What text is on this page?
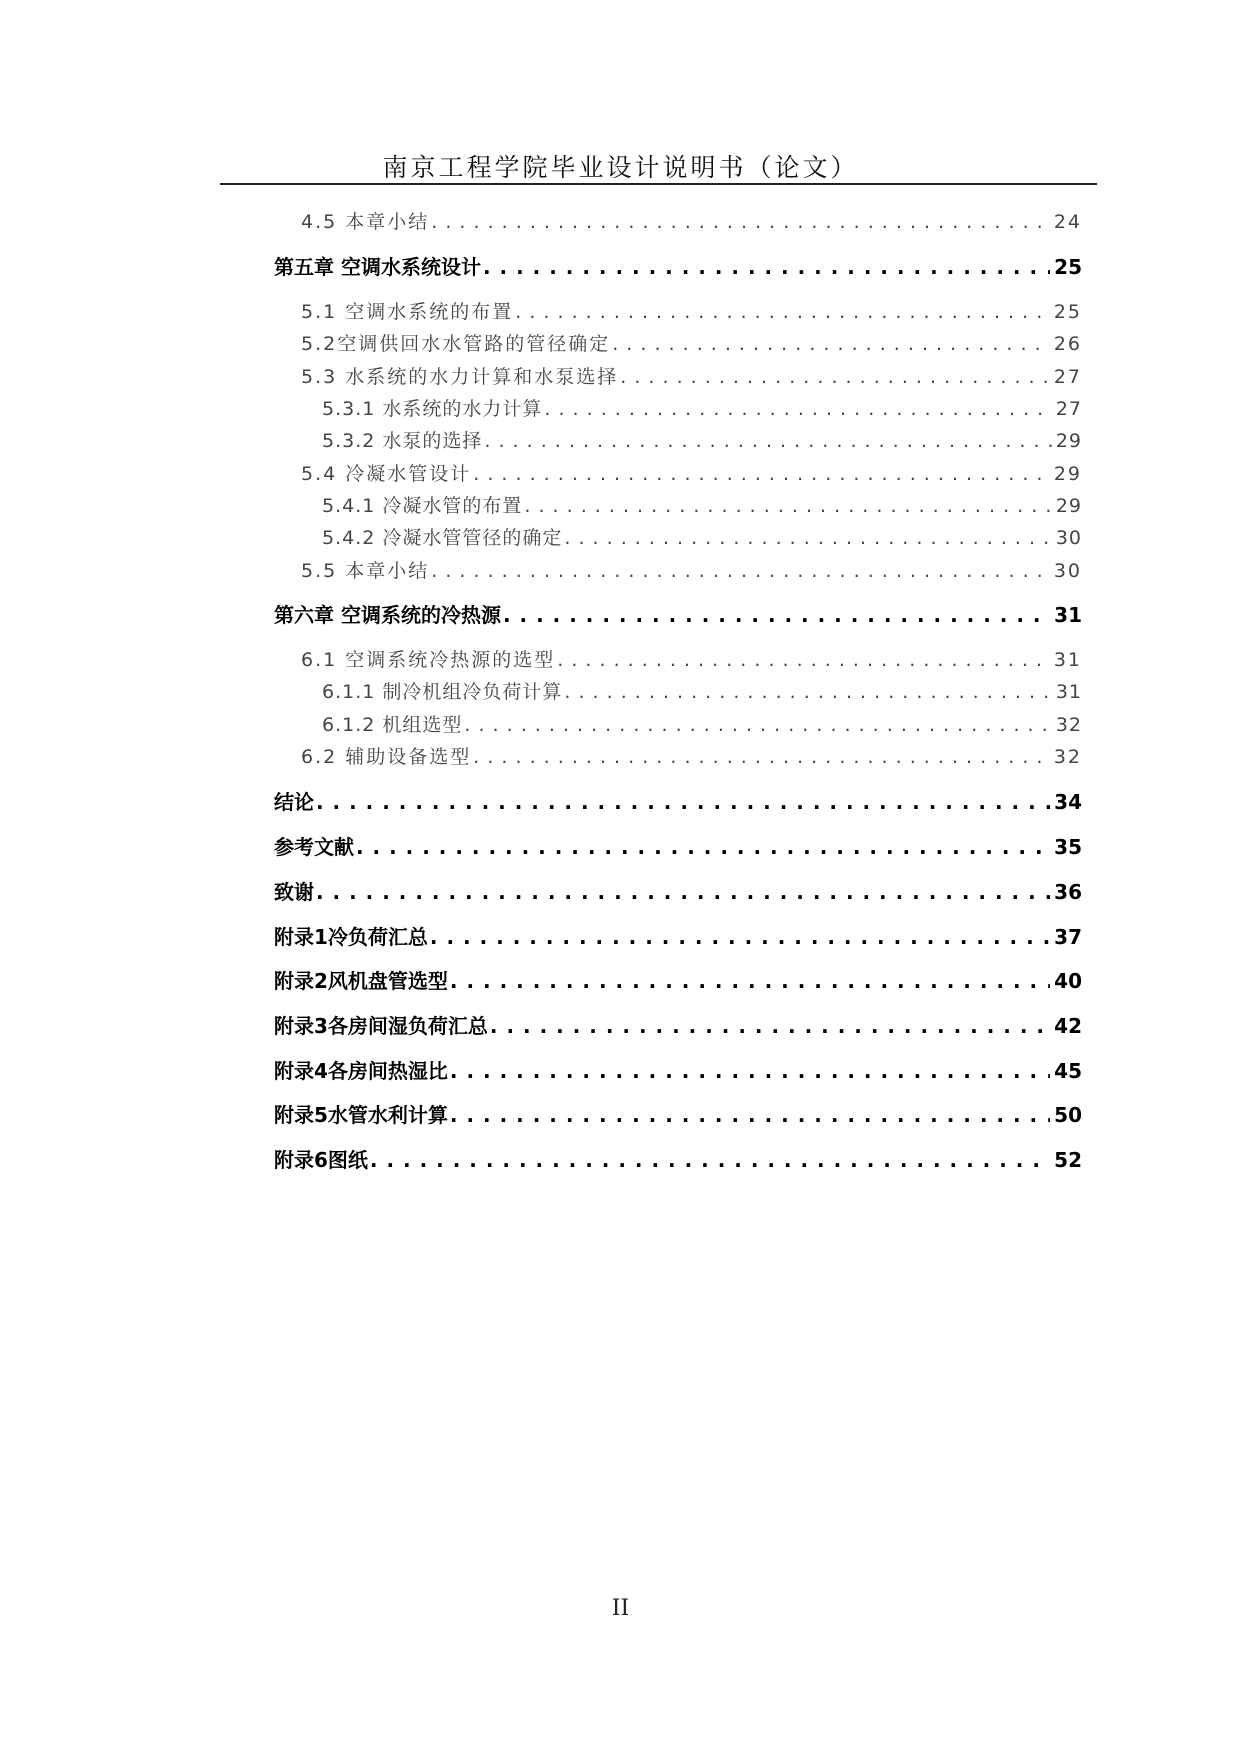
南京工程学院毕业设计说明书（论文）
4.5 本章小结 . . .	24
第五章 空调水系统设计 . . .	25
5.1 空调水系统的布置 . . .	25
5.2空调供回水水管路的管径确定 . . .	26
5.3 水系统的水力计算和水泵选择 . . .	27
5.3.1 水系统的水力计算 . . .	27
5.3.2 水泵的选择 . . .	29
5.4 冷凝水管设计 . . .	29
5.4.1 冷凝水管的布置 . . .	29
5.4.2 冷凝水管管径的确定 . . .	30
5.5 本章小结 . . .	30
第六章 空调系统的冷热源 . . .	31
6.1 空调系统冷热源的选型 . . .	31
6.1.1 制冷机组冷负荷计算 . . .	31
6.1.2 机组选型 . . .	32
6.2 辅助设备选型 . . .	32
结论 . . .	34
参考文献 . . .	35
致谢 . . .	36
附录1冷负荷汇总 . . .	37
附录2风机盘管选型 . . .	40
附录3各房间湿负荷汇总 . . .	42
附录4各房间热湿比 . . .	45
附录5水管水利计算 . . .	50
附录6图纸 . . .	52
II
